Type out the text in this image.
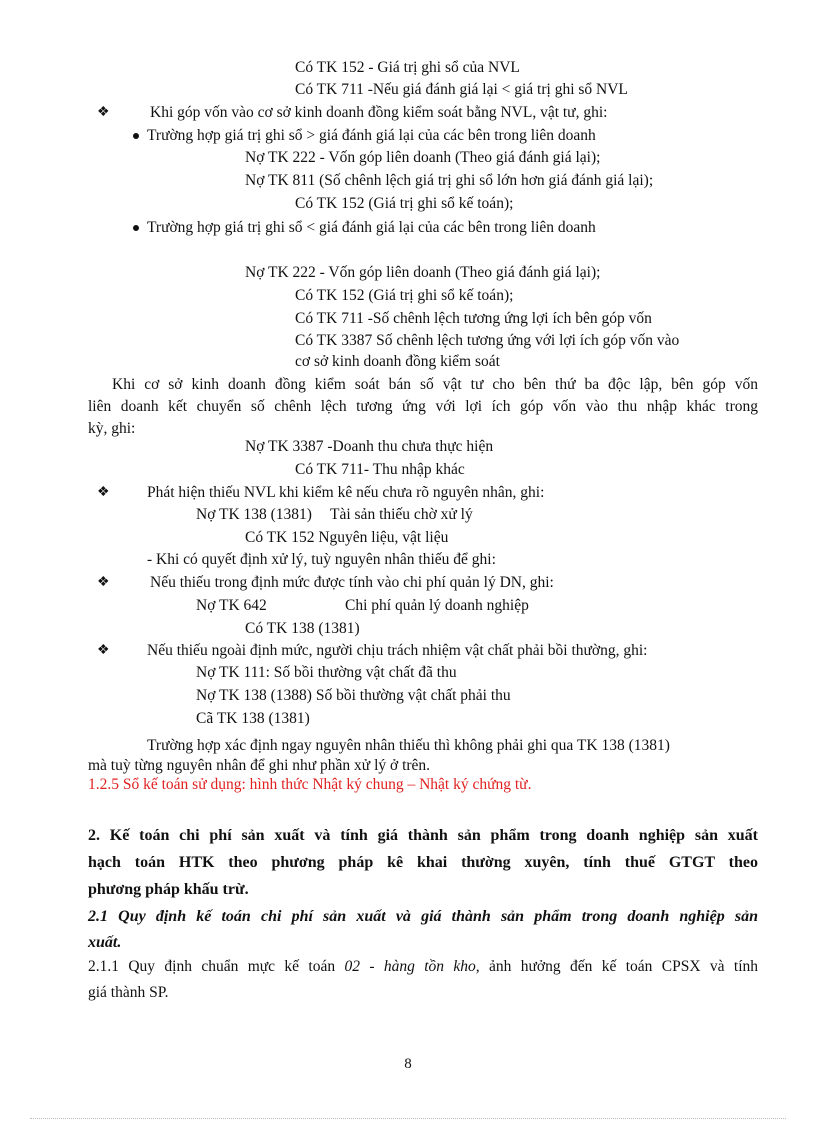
Có TK 152 - Giá trị ghi sổ của NVL
Có TK 711 -Nếu giá đánh giá lại < giá trị ghi sổ NVL
❖	Khi góp vốn vào cơ sở kinh doanh đồng kiểm soát bằng NVL, vật tư, ghi:
Trường hợp giá trị ghi sổ > giá đánh giá lại của các bên trong liên doanh
Nợ TK 222 - Vốn góp liên doanh (Theo giá đánh giá lại);
Nợ TK 811 (Số chênh lệch giá trị ghi sổ lớn hơn giá đánh giá lại);
Có TK 152 (Giá trị ghi sổ kế toán);
Trường hợp giá trị ghi sổ < giá đánh giá lại của các bên trong liên doanh
Nợ TK 222 - Vốn góp liên doanh (Theo giá đánh giá lại);
Có TK 152 (Giá trị ghi sổ kế toán);
Có TK 711 -Số chênh lệch tương ứng lợi ích bên góp vốn
Có TK 3387 Số chênh lệch tương ứng với lợi ích góp vốn vào
cơ sở kinh doanh đồng kiểm soát
Khi cơ sở kinh doanh đồng kiểm soát bán số vật tư cho bên thứ ba độc lập, bên góp vốn
liên doanh kết chuyển số chênh lệch tương ứng với lợi ích góp vốn vào thu nhập khác trong
kỳ, ghi:
Nợ TK 3387 -Doanh thu chưa thực hiện
Có TK 711- Thu nhập khác
❖ Phát hiện thiếu NVL khi kiểm kê nếu chưa rõ nguyên nhân, ghi:
Nợ TK 138 (1381) Tài sản thiếu chờ xử lý
Có TK 152 Nguyên liệu, vật liệu
- Khi có quyết định xử lý, tuỳ nguyên nhân thiếu để ghi:
❖	Nếu thiếu trong định mức được tính vào chi phí quản lý DN, ghi:
Nợ TK 642	Chi phí quản lý doanh nghiệp
Có TK 138 (1381)
❖ Nếu thiếu ngoài định mức, người chịu trách nhiệm vật chất phải bồi thường, ghi:
Nợ TK 111: Số bồi thường vật chất đã thu
Nợ TK 138 (1388) Số bồi thường vật chất phải thu
Cã TK 138 (1381)
Trường hợp xác định ngay nguyên nhân thiếu thì không phải ghi qua TK 138 (1381)
mà tuỳ từng nguyên nhân để ghi như phần xử lý ở trên.
1.2.5 Sổ kế toán sử dụng: hình thức Nhật ký chung – Nhật ký chứng từ.
2. Kế toán chi phí sản xuất và tính giá thành sản phẩm trong doanh nghiệp sản xuất
hạch toán HTK theo phương pháp kê khai thường xuyên, tính thuế GTGT theo
phương pháp khấu trừ.
2.1 Quy định kế toán chi phí sản xuất và giá thành sản phẩm trong doanh nghiệp sản
xuất.
2.1.1 Quy định chuẩn mực kế toán 02 - hàng tồn kho, ảnh hưởng đến kế toán CPSX và tính
giá thành SP.
8
